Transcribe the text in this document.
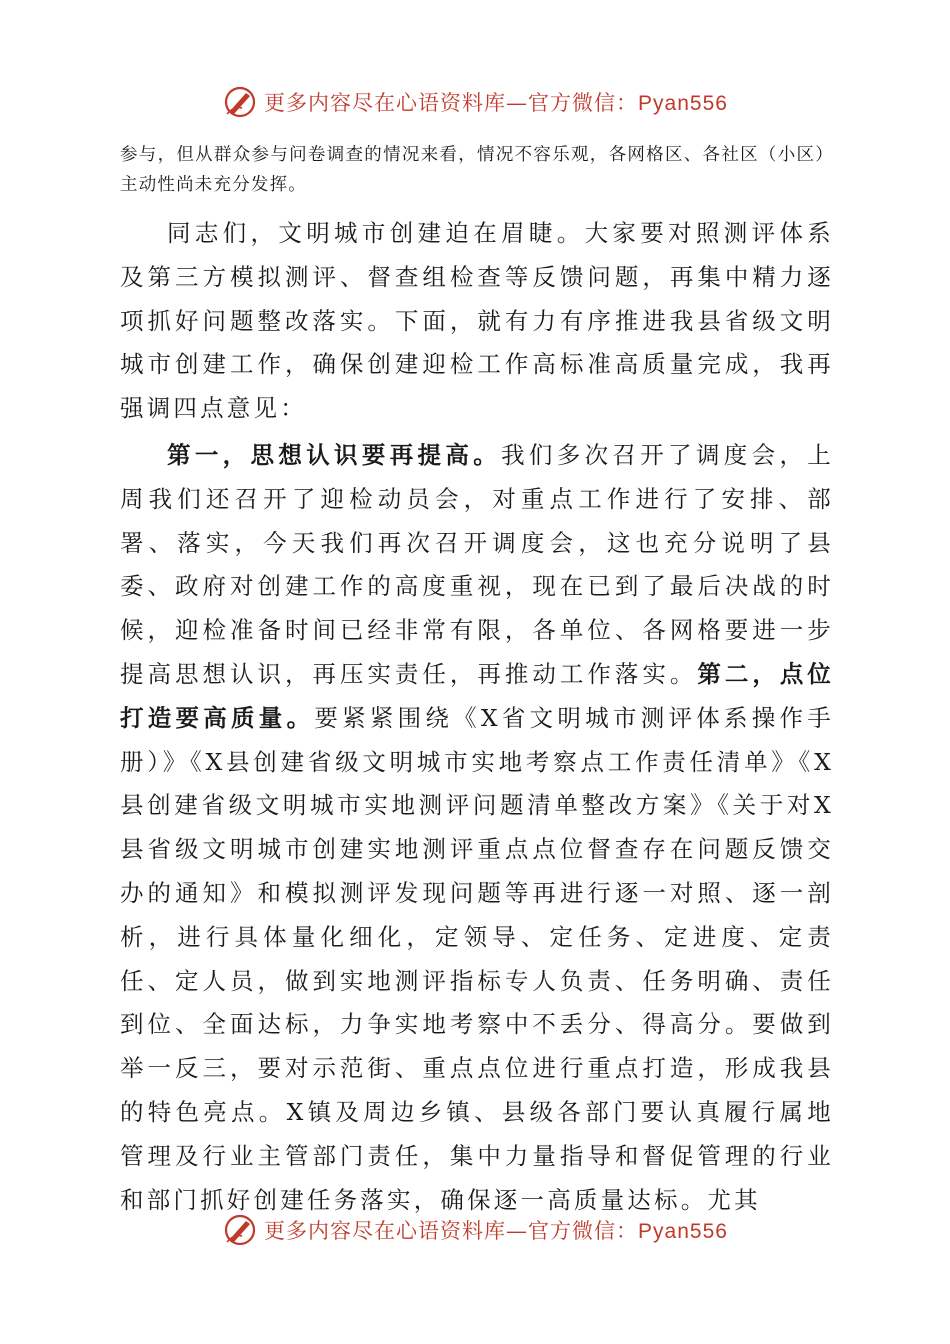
更多内容尽在心语资料库—官方微信：Pyan556

参与，但从群众参与问卷调查的情况来看，情况不容乐观，各网格区、各社区（小区）主动性尚未充分发挥。

同志们，文明城市创建迫在眉睫。大家要对照测评体系及第三方模拟测评、督查组检查等反馈问题，再集中精力逐项抓好问题整改落实。下面，就有力有序推进我县省级文明城市创建工作，确保创建迎检工作高标准高质量完成，我再强调四点意见：

第一，思想认识要再提高。我们多次召开了调度会，上周我们还召开了迎检动员会，对重点工作进行了安排、部署、落实，今天我们再次召开调度会，这也充分说明了县委、政府对创建工作的高度重视，现在已到了最后决战的时候，迎检准备时间已经非常有限，各单位、各网格要进一步提高思想认识，再压实责任，再推动工作落实。第二，点位打造要高质量。要紧紧围绕《X省文明城市测评体系操作手册）》《X县创建省级文明城市实地考察点工作责任清单》《X县创建省级文明城市实地测评问题清单整改方案》《关于对X县省级文明城市创建实地测评重点点位督查存在问题反馈交办的通知》和模拟测评发现问题等再进行逐一对照、逐一剖析，进行具体量化细化，定领导、定任务、定进度、定责任、定人员，做到实地测评指标专人负责、任务明确、责任到位、全面达标，力争实地考察中不丢分、得高分。要做到举一反三，要对示范街、重点点位进行重点打造，形成我县的特色亮点。X镇及周边乡镇、县级各部门要认真履行属地管理及行业主管部门责任，集中力量指导和督促管理的行业和部门抓好创建任务落实，确保逐一高质量达标。尤其

更多内容尽在心语资料库—官方微信：Pyan556
